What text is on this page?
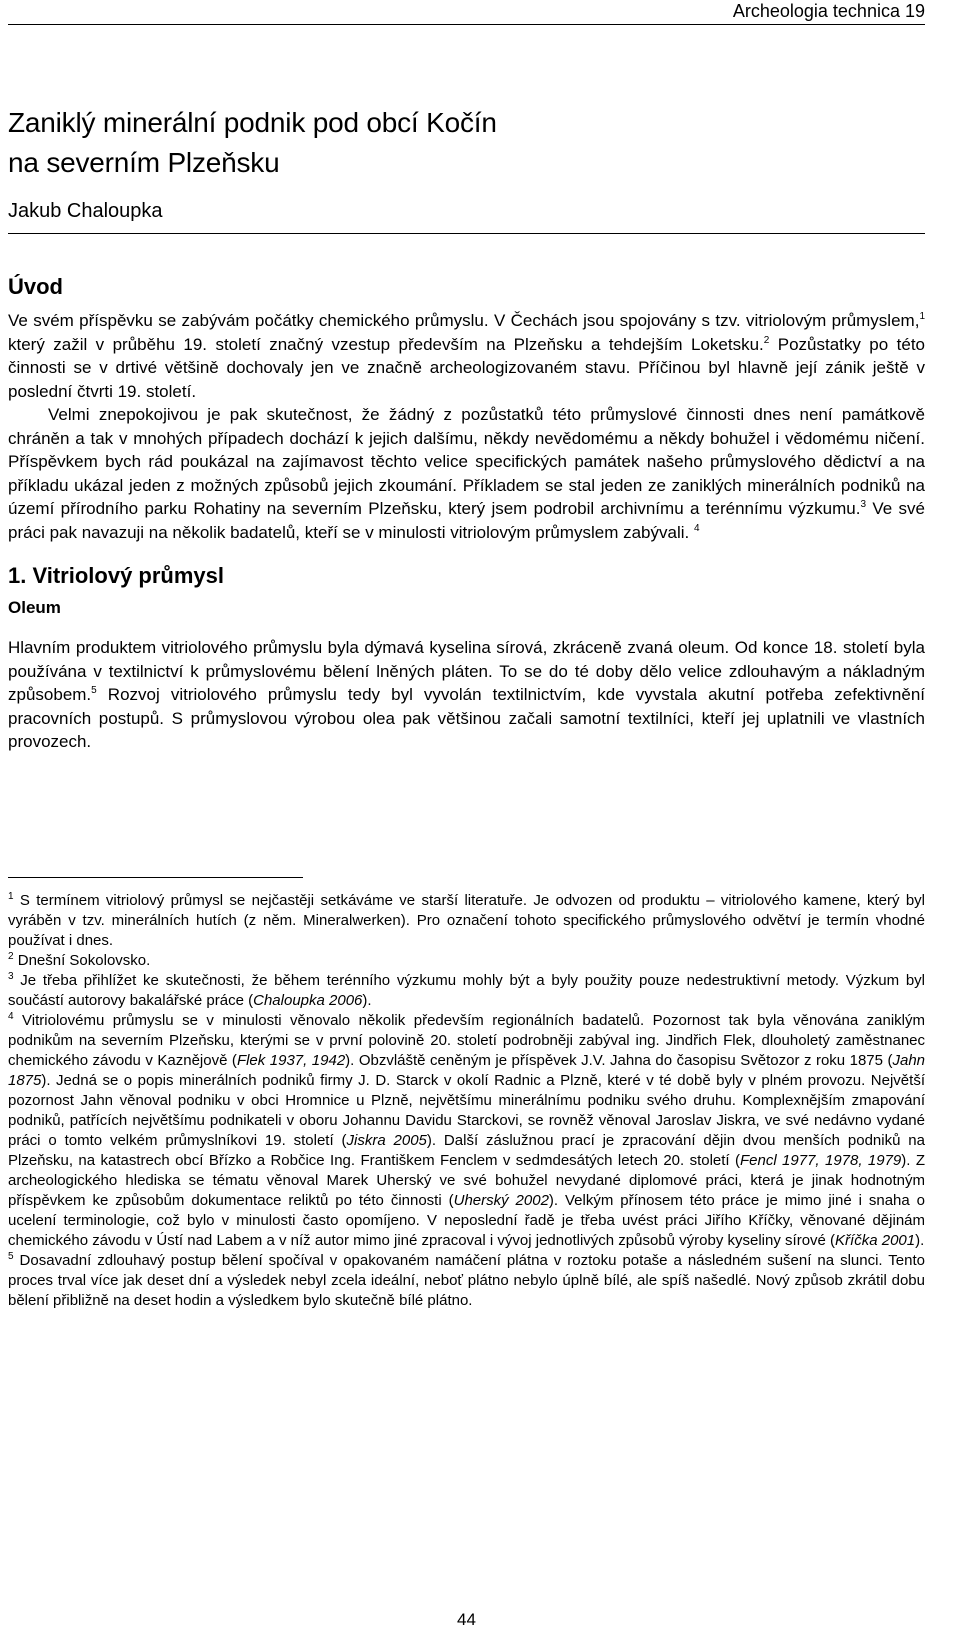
Archeologia technica 19
Zaniklý minerální podnik pod obcí Kočín
na severním Plzeňsku
Jakub Chaloupka
Úvod

Ve svém příspěvku se zabývám počátky chemického průmyslu. V Čechách jsou spojovány s tzv. vitriolovým průmyslem,$^1$ který zažil v průběhu 19. století značný vzestup především na Plzeňsku a tehdejším Loketsku.$^2$ Pozůstatky po této činnosti se v drtivé většině dochovaly jen ve značně archeologizovaném stavu. Příčinou byl hlavně její zánik ještě v poslední čtvrti 19. století.

Velmi znepokojivou je pak skutečnost, že žádný z pozůstatků této průmyslové činnosti dnes není památkově chráněn a tak v mnohých případech dochází k jejich dalšímu, někdy nevědomému a někdy bohužel i vědomému ničení. Příspěvkem bych rád poukázal na zajímavost těchto velice specifických památek našeho průmyslového dědictví a na příkladu ukázal jeden z možných způsobů jejich zkoumání. Příkladem se stal jeden ze zaniklých minerálních podniků na území přírodního parku Rohatiny na severním Plzeňsku, který jsem podrobil archivnímu a terénnímu výzkumu.$^3$ Ve své práci pak navazuji na několik badatelů, kteří se v minulosti vitriolovým průmyslem zabývali. $^4$

1. Vitriolový průmysl
Oleum

Hlavním produktem vitriolového průmyslu byla dýmavá kyselina sírová, zkráceně zvaná oleum. Od konce 18. století byla používána v textilnictví k průmyslovému bělení lněných pláten. To se do té doby dělo velice zdlouhavým a nákladným způsobem.$^5$ Rozvoj vitriolového průmyslu tedy byl vyvolán textilnictvím, kde vyvstala akutní potřeba zefektivnění pracovních postupů. S průmyslovou výrobou olea pak většinou začali samotní textilníci, kteří jej uplatnili ve vlastních provozech.

$^1$ S termínem vitriolový průmysl se nejčastěji setkáváme ve starší literatuře. Je odvozen od produktu – vitriolového kamene, který byl vyráběn v tzv. minerálních hutích (z něm. Mineralwerken). Pro označení tohoto specifického průmyslového odvětví je termín vhodné používat i dnes.

$^2$ Dnešní Sokolovsko.

$^3$ Je třeba přihlížet ke skutečnosti, že během terénního výzkumu mohly být a byly použity pouze nedestruktivní metody. Výzkum byl součástí autorovy bakalářské práce (Chaloupka 2006).

$^4$ Vitriolovému průmyslu se v minulosti věnovalo několik především regionálních badatelů. Pozornost tak byla věnována zaniklým podnikům na severním Plzeňsku, kterými se v první polovině 20. století podrobněji zabýval ing. Jindřich Flek, dlouholetý zaměstnanec chemického závodu v Kaznějově (Flek 1937, 1942). Obzvláště ceněným je příspěvek J.V. Jahna do časopisu Světozor z roku 1875 (Jahn 1875). Jedná se o popis minerálních podniků firmy J. D. Starck v okolí Radnic a Plzně, které v té době byly v plném provozu. Největší pozornost Jahn věnoval podniku v obci Hromnice u Plzně, největšímu minerálnímu podniku svého druhu. Komplexnějším zmapování podniků, patřících největšímu podnikateli v oboru Johannu Davidu Starckovi, se rovněž věnoval Jaroslav Jiskra, ve své nedávno vydané práci o tomto velkém průmyslníkovi 19. století (Jiskra 2005). Další záslužnou prací je zpracování dějin dvou menších podniků na Plzeňsku, na katastrech obcí Břízko a Robčice Ing. Františkem Fenclem v sedmdesátých letech 20. století (Fencl 1977, 1978, 1979). Z archeologického hlediska se tématu věnoval Marek Uherský ve své bohužel nevydané diplomové práci, která je jinak hodnotným příspěvkem ke způsobům dokumentace reliktů po této činnosti (Uherský 2002). Velkým přínosem této práce je mimo jiné i snaha o ucelení terminologie, což bylo v minulosti často opomíjeno. V neposlední řadě je třeba uvést práci Jiřího Kříčky, věnované dějinám chemického závodu v Ústí nad Labem a v níž autor mimo jiné zpracoval i vývoj jednotlivých způsobů výroby kyseliny sírové (Kříčka 2001).

$^5$ Dosavadní zdlouhavý postup bělení spočíval v opakovaném namáčení plátna v roztoku potaše a následném sušení na slunci. Tento proces trval více jak deset dní a výsledek nebyl zcela ideální, neboť plátno nebylo úplně bílé, ale spíš našedlé. Nový způsob zkrátil dobu bělení přibližně na deset hodin a výsledkem bylo skutečně bílé plátno.

44
